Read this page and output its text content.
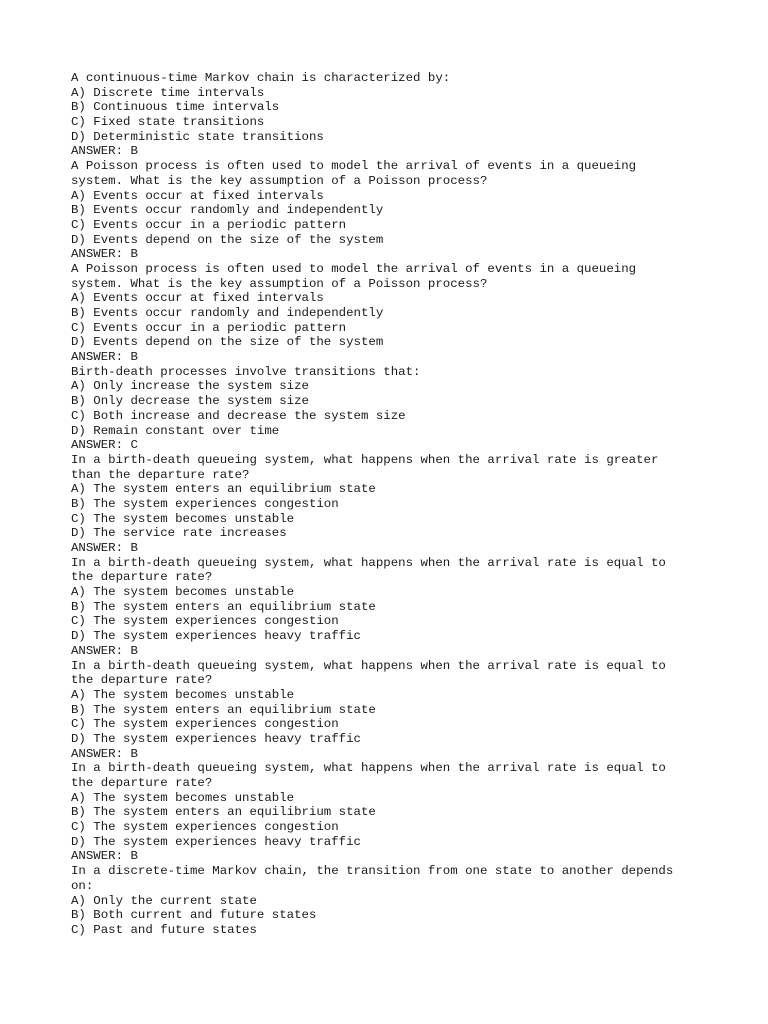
A continuous-time Markov chain is characterized by:
A) Discrete time intervals
B) Continuous time intervals
C) Fixed state transitions
D) Deterministic state transitions
ANSWER: B
A Poisson process is often used to model the arrival of events in a queueing
system. What is the key assumption of a Poisson process?
A) Events occur at fixed intervals
B) Events occur randomly and independently
C) Events occur in a periodic pattern
D) Events depend on the size of the system
ANSWER: B
A Poisson process is often used to model the arrival of events in a queueing
system. What is the key assumption of a Poisson process?
A) Events occur at fixed intervals
B) Events occur randomly and independently
C) Events occur in a periodic pattern
D) Events depend on the size of the system
ANSWER: B
Birth-death processes involve transitions that:
A) Only increase the system size
B) Only decrease the system size
C) Both increase and decrease the system size
D) Remain constant over time
ANSWER: C
In a birth-death queueing system, what happens when the arrival rate is greater
than the departure rate?
A) The system enters an equilibrium state
B) The system experiences congestion
C) The system becomes unstable
D) The service rate increases
ANSWER: B
In a birth-death queueing system, what happens when the arrival rate is equal to
the departure rate?
A) The system becomes unstable
B) The system enters an equilibrium state
C) The system experiences congestion
D) The system experiences heavy traffic
ANSWER: B
In a birth-death queueing system, what happens when the arrival rate is equal to
the departure rate?
A) The system becomes unstable
B) The system enters an equilibrium state
C) The system experiences congestion
D) The system experiences heavy traffic
ANSWER: B
In a birth-death queueing system, what happens when the arrival rate is equal to
the departure rate?
A) The system becomes unstable
B) The system enters an equilibrium state
C) The system experiences congestion
D) The system experiences heavy traffic
ANSWER: B
In a discrete-time Markov chain, the transition from one state to another depends
on:
A) Only the current state
B) Both current and future states
C) Past and future states
